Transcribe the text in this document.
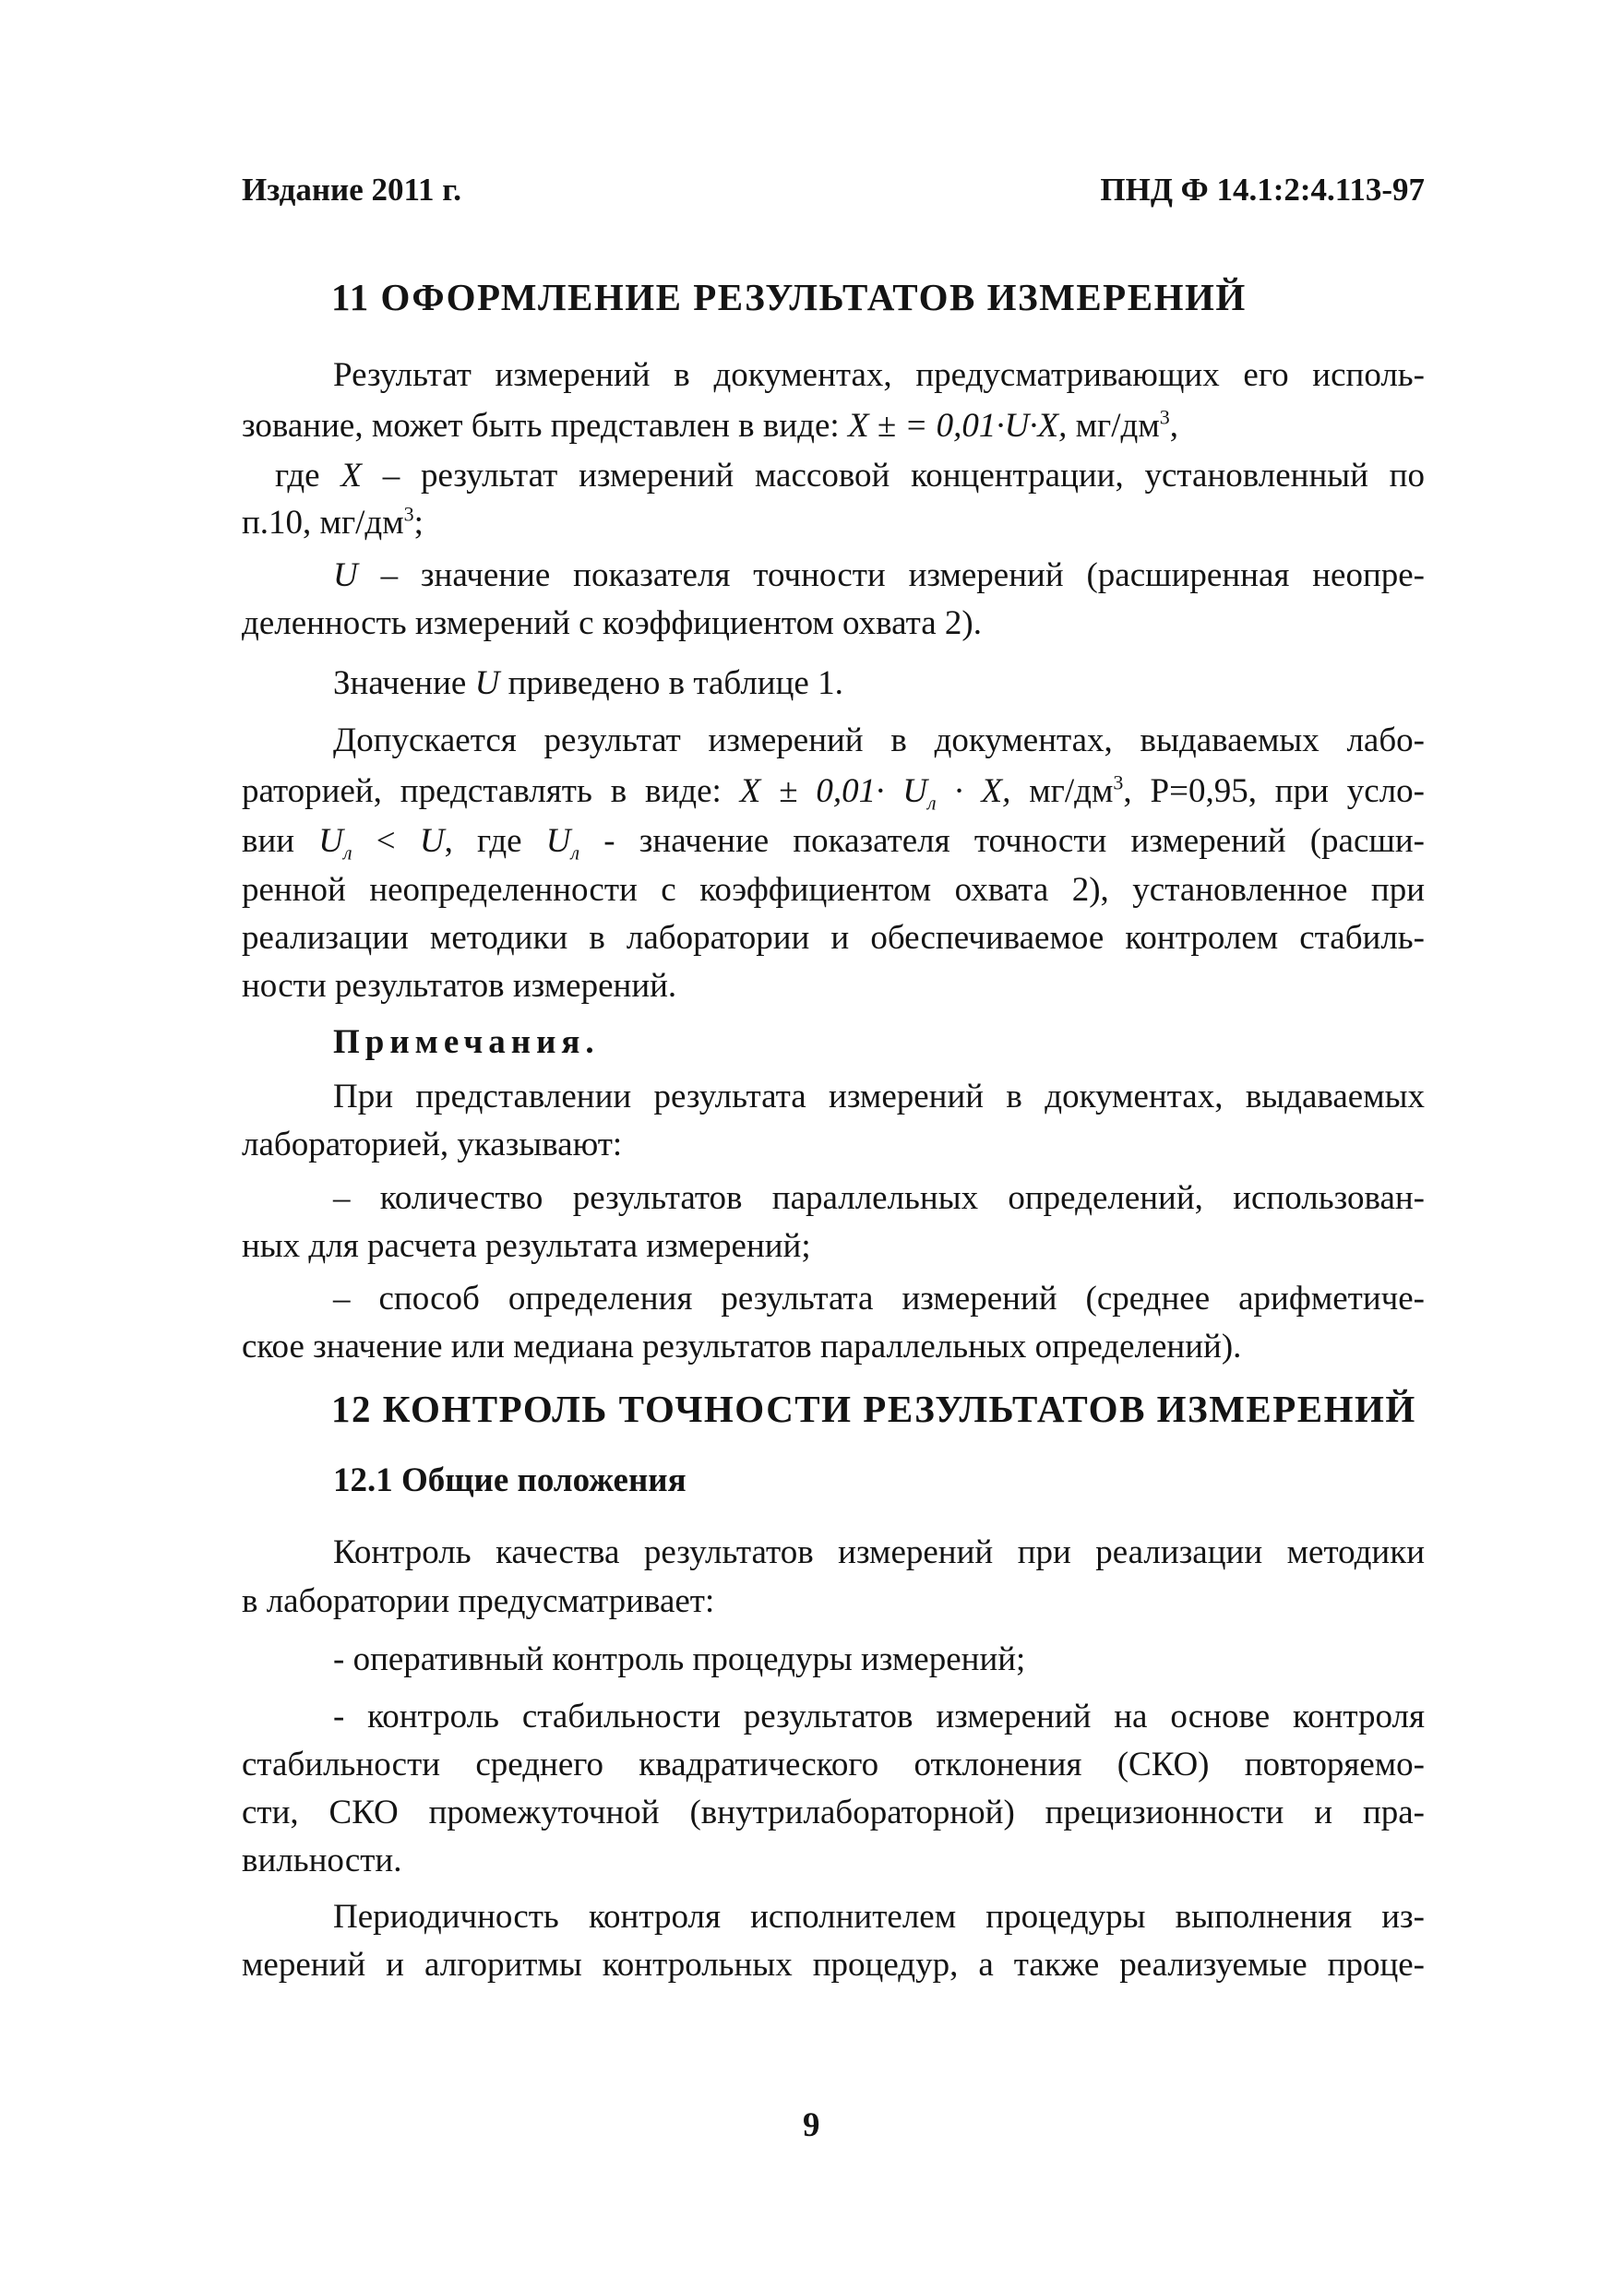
Издание 2011 г.	ПНД Ф 14.1:2:4.113-97
11 ОФОРМЛЕНИЕ РЕЗУЛЬТАТОВ ИЗМЕРЕНИЙ
Результат измерений в документах, предусматривающих его исполь-
зование, может быть представлен в виде: X ± = 0,01·U·X, $мг/дм^3$,
где X – результат измерений массовой концентрации, установленный по
п.10, $мг/дм^3$;
U – значение показателя точности измерений (расширенная неопре-
деленность измерений с коэффициентом охвата 2).
Значение U приведено в таблице 1.
Допускается результат измерений в документах, выдаваемых лабо-
раторией, представлять в виде: $X \pm 0,01\cdot U_л \cdot X$, $мг/дм^3$, P=0,95, при усло-
вии $U_л < U$, где $U_л$ - значение показателя точности измерений (расши-
ренной неопределенности с коэффициентом охвата 2), установленное при
реализации методики в лаборатории и обеспечиваемое контролем стабиль-
ности результатов измерений.
Примечания.
При представлении результата измерений в документах, выдаваемых
лабораторией, указывают:
– количество результатов параллельных определений, использован-
ных для расчета результата измерений;
– способ определения результата измерений (среднее арифметиче-
ское значение или медиана результатов параллельных определений).
12 КОНТРОЛЬ ТОЧНОСТИ РЕЗУЛЬТАТОВ ИЗМЕРЕНИЙ
12.1 Общие положения
Контроль качества результатов измерений при реализации методики
в лаборатории предусматривает:
- оперативный контроль процедуры измерений;
- контроль стабильности результатов измерений на основе контроля
стабильности среднего квадратического отклонения (СКО) повторяемо-
сти, СКО промежуточной (внутрилабораторной) прецизионности и пра-
вильности.
Периодичность контроля исполнителем процедуры выполнения из-
мерений и алгоритмы контрольных процедур, а также реализуемые проце-
9
